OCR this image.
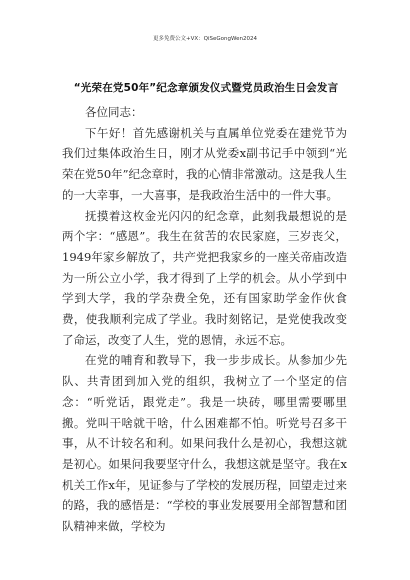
更多免费公文+VX：QiSeGongWen2024
“光荣在党50年”纪念章颁发仪式暨党员政治生日会发言

各位同志：

下午好！首先感谢机关与直属单位党委在建党节为我们过集体政治生日，刚才从党委x副书记手中领到“光荣在党50年”纪念章时，我的心情非常激动。这是我人生的一大幸事，一大喜事，是我政治生活中的一件大事。

抚摸着这枚金光闪闪的纪念章，此刻我最想说的是两个字：“感恩”。我生在贫苦的农民家庭，三岁丧父，1949年家乡解放了，共产党把我家乡的一座关帝庙改造为一所公立小学，我才得到了上学的机会。从小学到中学到大学，我的学杂费全免，还有国家助学金作伙食费，使我顺利完成了学业。我时刻铭记，是党使我改变了命运，改变了人生，党的恩情，永远不忘。

在党的哺育和教导下，我一步步成长。从参加少先队、共青团到加入党的组织，我树立了一个坚定的信念：“听党话，跟党走”。我是一块砖，哪里需要哪里搬。党叫干啥就干啥，什么困难都不怕。听党号召多干事，从不计较名和利。如果问我什么是初心，我想这就是初心。如果问我要坚守什么，我想这就是坚守。我在x机关工作x年，见证参与了学校的发展历程，回望走过来的路，我的感悟是：“学校的事业发展要用全部智慧和团队精神来做，学校为
